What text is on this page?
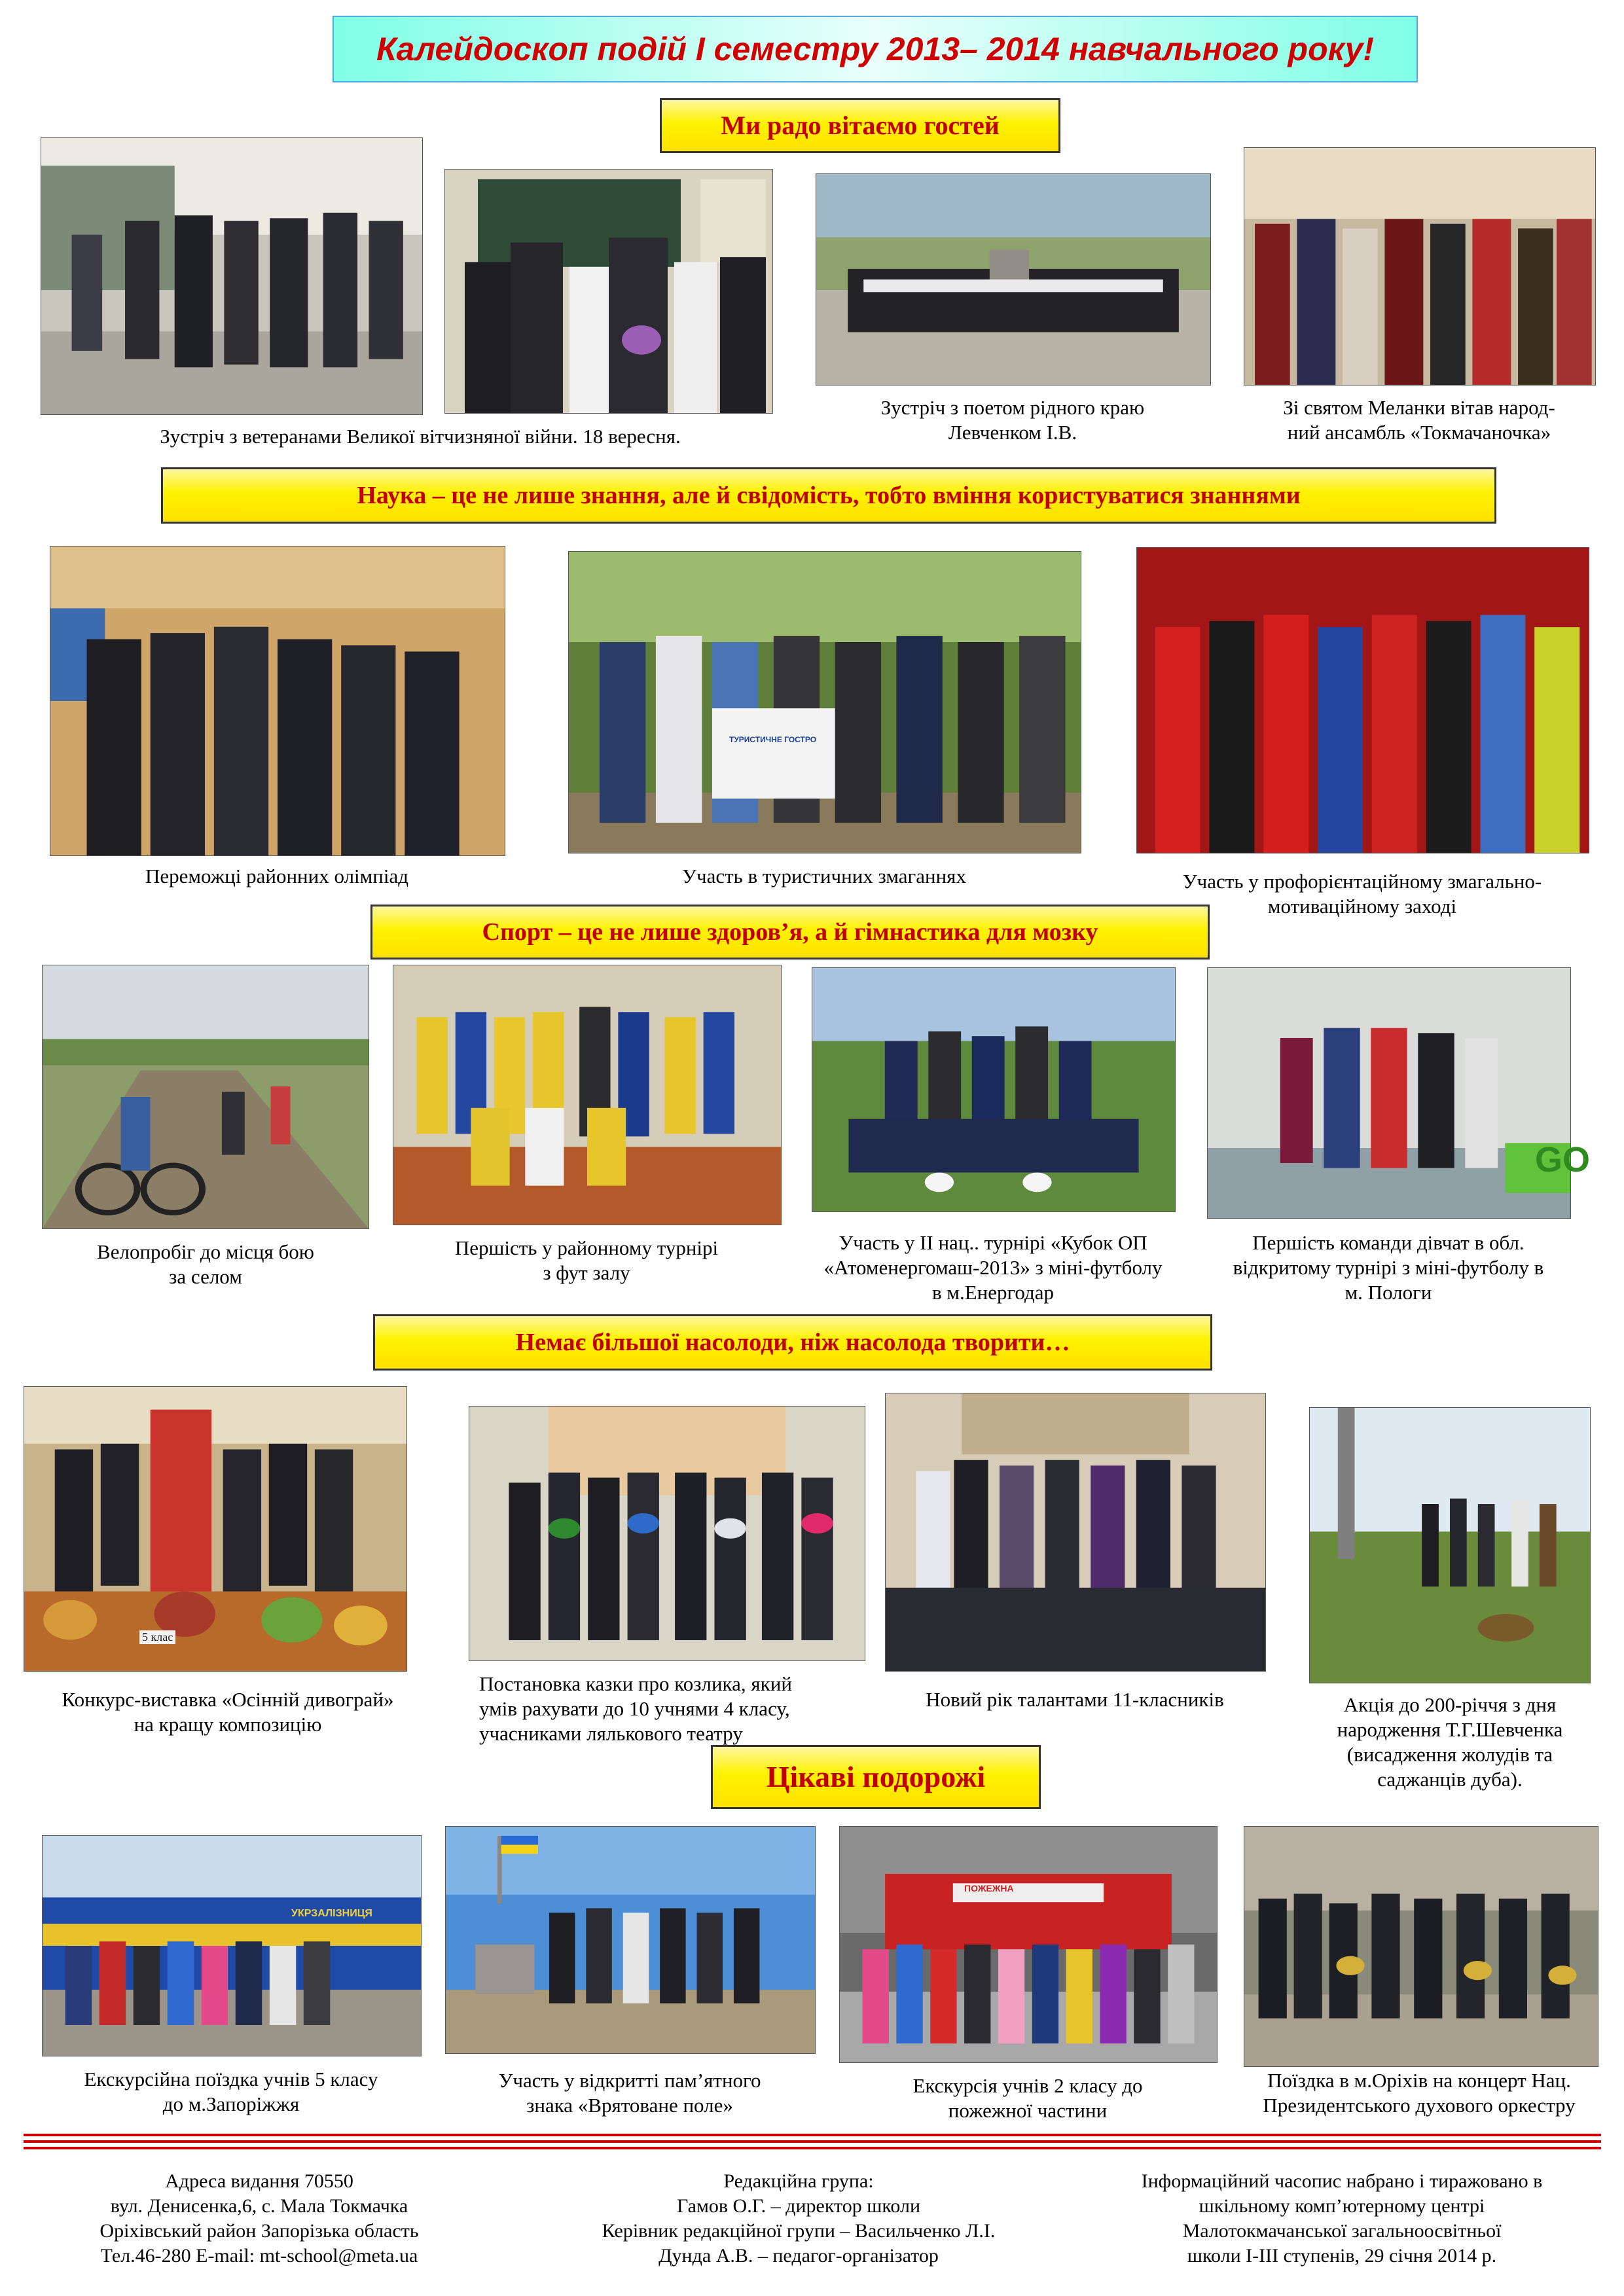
Калейдоскоп подій І семестру 2013– 2014 навчального року!
Ми радо вітаємо гостей
Зустріч з ветеранами Великої вітчизняної війни. 18 вересня.
Зустріч з поетом рідного краю
Левченком І.В.
Зі святом Меланки вітав народ-
ний ансамбль «Токмачаночка»
Наука – це не лише знання, але й свідомість, тобто вміння користуватися знаннями
ТУРИСТИЧНЕ ГОСТРО
Переможці районних олімпіад	Участь в туристичних змаганнях	Участь у профорієнтаційному змагально-
мотиваційному заході
Спорт – це не лише здоров’я, а й гімнастика для мозку
GO
Велопробіг до місця бою
за селом
Першість у районному турнірі
з фут залу
Участь у ІІ нац.. турнірі «Кубок ОП
«Атоменергомаш-2013» з міні-футболу
в м.Енергодар
Першість команди дівчат в обл.
відкритому турнірі з міні-футболу в
м. Пологи
Немає більшої насолоди, ніж насолода творити…
5 клас
Конкурс-виставка «Осінній дивограй»
на кращу композицію
Постановка казки про козлика, який
умів рахувати до 10 учнями 4 класу,
учасниками лялькового театру
Новий рік талантами 11-класників	Акція до 200-річчя з дня
народження Т.Г.Шевченка
(висадження жолудів та
саджанців дуба).
Цікаві подорожі
УКРЗАЛІЗНИЦЯ
ПОЖЕЖНА
Екскурсійна поїздка учнів 5 класу
до м.Запоріжжя
Участь у відкритті пам’ятного
знака «Врятоване поле»
Екскурсія учнів 2 класу до
пожежної частини
Поїздка в м.Оріхів на концерт Нац.
Президентського духового оркестру
Адреса видання 70550
вул. Денисенка,6, с. Мала Токмачка
Оріхівський район Запорізька область
Тел.46-280 E-mail: mt-school@meta.ua
Редакційна група:
Гамов О.Г. – директор школи
Керівник редакційної групи – Васильченко Л.І.
Дунда А.В. – педагог-організатор
Інформаційний часопис набрано і тиражовано в
шкільному комп’ютерному центрі
Малотокмачанської загальноосвітньої
школи І-ІІІ ступенів, 29 січня 2014 р.
